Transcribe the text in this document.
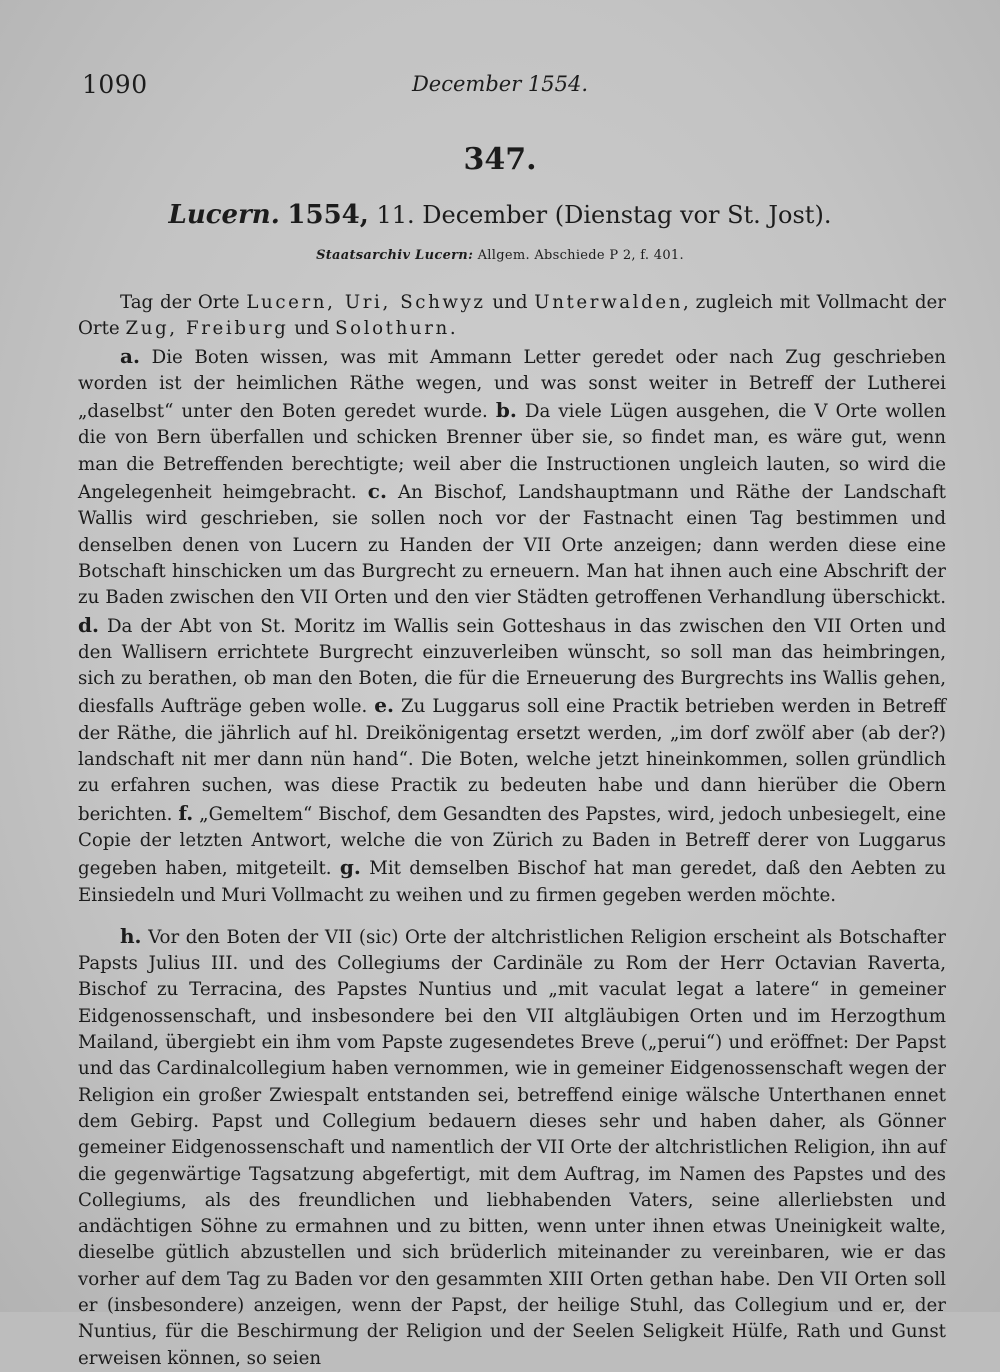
1090	December 1554.
347.
Lucern. 1554, 11. December (Dienstag vor St. Jost).
Staatsarchiv Lucern: Allgem. Abschiede P 2, f. 401.

Tag der Orte Lucern, Uri, Schwyz und Unterwalden, zugleich mit Vollmacht der Orte Zug, Freiburg und Solothurn.

a. Die Boten wissen, was mit Ammann Letter geredet oder nach Zug geschrieben worden ist der heimlichen Räthe wegen, und was sonst weiter in Betreff der Lutherei „daselbst“ unter den Boten geredet wurde. b. Da viele Lügen ausgehen, die V Orte wollen die von Bern überfallen und schicken Brenner über sie, so findet man, es wäre gut, wenn man die Betreffenden berechtigte; weil aber die Instructionen ungleich lauten, so wird die Angelegenheit heimgebracht. c. An Bischof, Landshauptmann und Räthe der Landschaft Wallis wird geschrieben, sie sollen noch vor der Fastnacht einen Tag bestimmen und denselben denen von Lucern zu Handen der VII Orte anzeigen; dann werden diese eine Botschaft hinschicken um das Burgrecht zu erneuern. Man hat ihnen auch eine Abschrift der zu Baden zwischen den VII Orten und den vier Städten getroffenen Verhandlung überschickt. d. Da der Abt von St. Moritz im Wallis sein Gotteshaus in das zwischen den VII Orten und den Wallisern errichtete Burgrecht einzuverleiben wünscht, so soll man das heimbringen, sich zu berathen, ob man den Boten, die für die Erneuerung des Burgrechts ins Wallis gehen, diesfalls Aufträge geben wolle. e. Zu Luggarus soll eine Practik betrieben werden in Betreff der Räthe, die jährlich auf hl. Dreikönigentag ersetzt werden, „im dorf zwölf aber (ab der?) landschaft nit mer dann nün hand“. Die Boten, welche jetzt hineinkommen, sollen gründlich zu erfahren suchen, was diese Practik zu bedeuten habe und dann hierüber die Obern berichten. f. „Gemeltem“ Bischof, dem Gesandten des Papstes, wird, jedoch unbesiegelt, eine Copie der letzten Antwort, welche die von Zürich zu Baden in Betreff derer von Luggarus gegeben haben, mitgeteilt. g. Mit demselben Bischof hat man geredet, daß den Aebten zu Einsiedeln und Muri Vollmacht zu weihen und zu firmen gegeben werden möchte.

h. Vor den Boten der VII (sic) Orte der altchristlichen Religion erscheint als Botschafter Papsts Julius III. und des Collegiums der Cardinäle zu Rom der Herr Octavian Raverta, Bischof zu Terracina, des Papstes Nuntius und „mit vaculat legat a latere“ in gemeiner Eidgenossenschaft, und insbesondere bei den VII altgläubigen Orten und im Herzogthum Mailand, übergiebt ein ihm vom Papste zugesendetes Breve („perui“) und eröffnet: Der Papst und das Cardinalcollegium haben vernommen, wie in gemeiner Eidgenossenschaft wegen der Religion ein großer Zwiespalt entstanden sei, betreffend einige wälsche Unterthanen ennet dem Gebirg. Papst und Collegium bedauern dieses sehr und haben daher, als Gönner gemeiner Eidgenossenschaft und namentlich der VII Orte der altchristlichen Religion, ihn auf die gegenwärtige Tagsatzung abgefertigt, mit dem Auftrag, im Namen des Papstes und des Collegiums, als des freundlichen und liebhabenden Vaters, seine allerliebsten und andächtigen Söhne zu ermahnen und zu bitten, wenn unter ihnen etwas Uneinigkeit walte, dieselbe gütlich abzustellen und sich brüderlich miteinander zu vereinbaren, wie er das vorher auf dem Tag zu Baden vor den gesammten XIII Orten gethan habe. Den VII Orten soll er (insbesondere) anzeigen, wenn der Papst, der heilige Stuhl, das Collegium und er, der Nuntius, für die Beschirmung der Religion und der Seelen Seligkeit Hülfe, Rath und Gunst erweisen können, so seien
